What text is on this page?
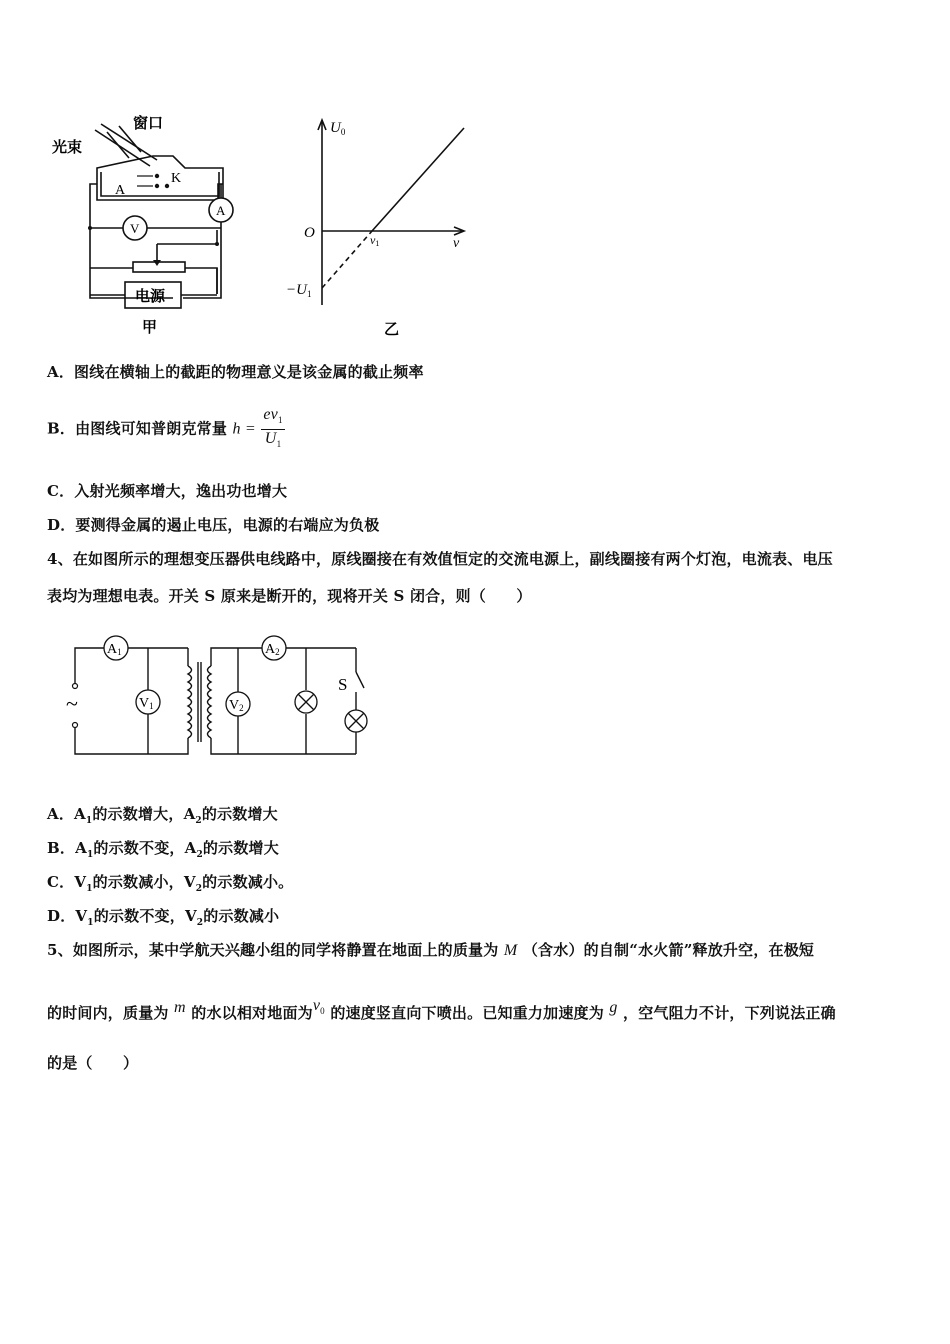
窗口
光束
A
K
A
V
电源
甲
$U_0$
O
ν
ν1
$-U_1$
乙
A．图线在横轴上的截距的物理意义是该金属的截止频率
B．由图线可知普朗克常量 $h = \frac{e\nu_1}{U_1}$
C．入射光频率增大，逸出功也增大
D．要测得金属的遏止电压，电源的右端应为负极
4、在如图所示的理想变压器供电线路中，原线圈接在有效值恒定的交流电源上，副线圈接有两个灯泡，电流表、电压
表均为理想电表。开关 S 原来是断开的，现将开关 S 闭合，则（　　）
~
A1
V1
A2
V2
S
A．$A_1$的示数增大，$A_2$的示数增大
B．$A_1$的示数不变，$A_2$的示数增大
C．$V_1$的示数减小，$V_2$的示数减小。
D．$V_1$的示数不变，$V_2$的示数减小
5、如图所示，某中学航天兴趣小组的同学将静置在地面上的质量为 M （含水）的自制“水火箭”释放升空，在极短
的时间内，质量为 m 的水以相对地面为$v_0$ 的速度竖直向下喷出。已知重力加速度为 g ，空气阻力不计，下列说法正确
的是（　　）
